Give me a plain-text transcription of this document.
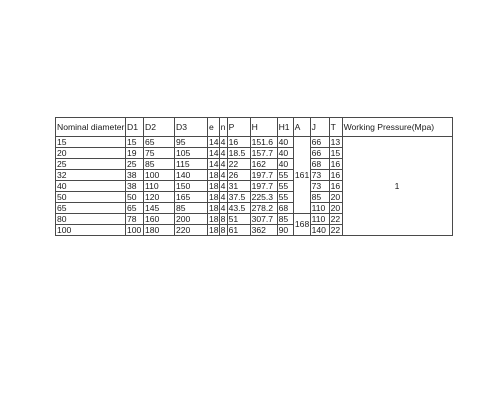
Nominal diameter	D1	D2	D3	e	n	P	H	H1	A	J	T	Working Pressure(Mpa)
15	15	65	95	14	4	16	151.6	40	161	66	13	1
20	19	75	105	14	4	18.5	157.7	40		66	15	
25	25	85	115	14	4	22	162	40		68	16	
32	38	100	140	18	4	26	197.7	55		73	16	
40	38	110	150	18	4	31	197.7	55		73	16	
50	50	120	165	18	4	37.5	225.3	55		85	20	
65	65	145	85	18	4	43.5	278.2	68		110	20	
80	78	160	200	18	8	51	307.7	85	168	110	22	
100	100	180	220	18	8	61	362	90		140	22	
